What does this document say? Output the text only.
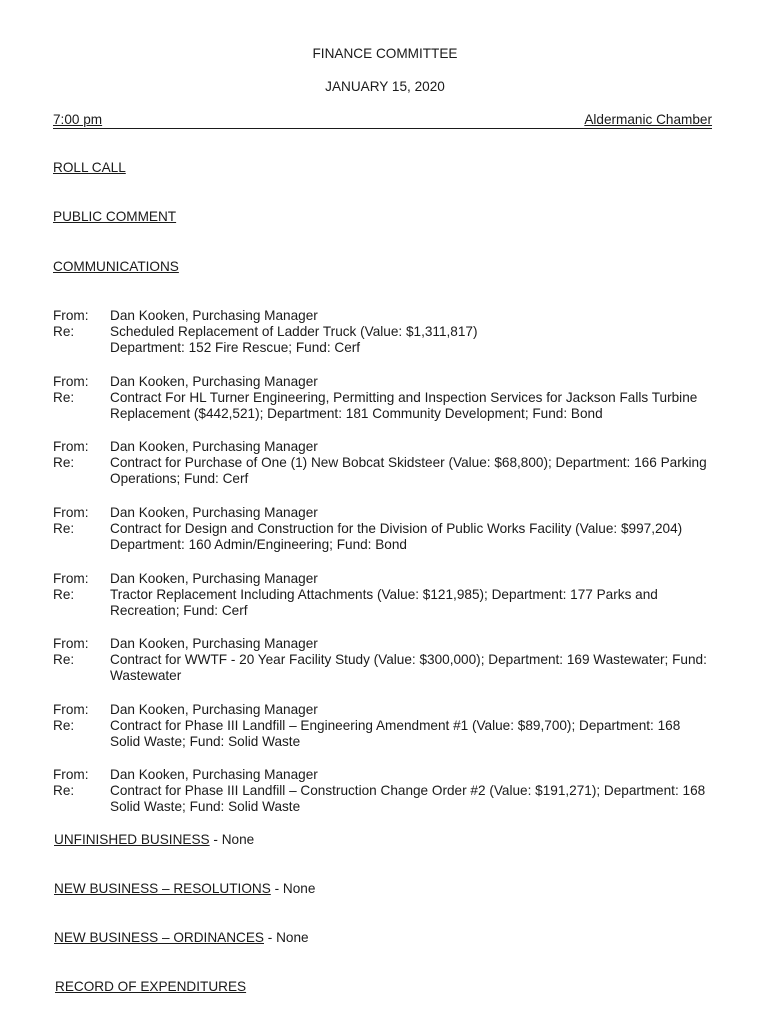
FINANCE COMMITTEE
JANUARY 15, 2020
7:00 pm	Aldermanic Chamber
ROLL CALL
PUBLIC COMMENT
COMMUNICATIONS
From:	Dan Kooken, Purchasing Manager
Re:	Scheduled Replacement of Ladder Truck (Value: $1,311,817)
Department: 152 Fire Rescue; Fund: Cerf
From:	Dan Kooken, Purchasing Manager
Re:	Contract For HL Turner Engineering, Permitting and Inspection Services for Jackson Falls Turbine
Replacement ($442,521); Department: 181 Community Development; Fund: Bond
From:	Dan Kooken, Purchasing Manager
Re:	Contract for Purchase of One (1) New Bobcat Skidsteer (Value: $68,800); Department: 166 Parking
Operations; Fund: Cerf
From:	Dan Kooken, Purchasing Manager
Re:	Contract for Design and Construction for the Division of Public Works Facility (Value: $997,204)
Department: 160 Admin/Engineering; Fund: Bond
From:	Dan Kooken, Purchasing Manager
Re:	Tractor Replacement Including Attachments (Value: $121,985); Department: 177 Parks and
Recreation; Fund: Cerf
From:	Dan Kooken, Purchasing Manager
Re:	Contract for WWTF - 20 Year Facility Study (Value: $300,000); Department: 169 Wastewater; Fund:
Wastewater
From:	Dan Kooken, Purchasing Manager
Re:	Contract for Phase III Landfill – Engineering Amendment #1 (Value: $89,700); Department: 168
Solid Waste; Fund: Solid Waste
From:	Dan Kooken, Purchasing Manager
Re:	Contract for Phase III Landfill – Construction Change Order #2 (Value: $191,271); Department: 168
Solid Waste; Fund: Solid Waste
UNFINISHED BUSINESS - None
NEW BUSINESS – RESOLUTIONS - None
NEW BUSINESS – ORDINANCES - None
RECORD OF EXPENDITURES
